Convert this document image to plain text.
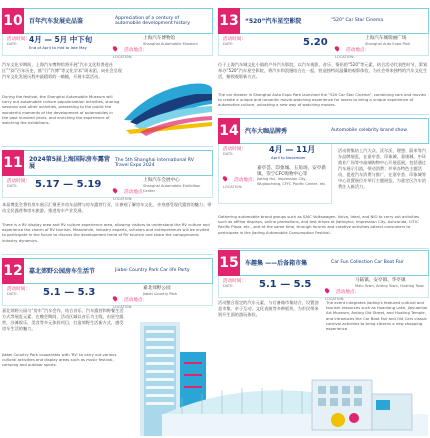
10 百年汽车发展史品鉴	Appreciation of a century of automobile development history
活动时间：
DATE:	4月 — 5月 中下旬
End of April to mid to late May
活动地点：
LOCATION:
上海汽车博物馆
Shanghai Automobile Museum
汽车文化节期间，上海汽车博物馆将开展“汽车文化科普进社区”“阅”百年历史，推“行”汽博”等文化学术“周末团，向社会呈现汽车文化发展历程中最精彩的一帧帧，开展丰富活动。
During the festival, the Shanghai Automobile Museum will carry out automobile culture popularization activities, sharing sessions and other activities, presenting to the public the wonderful moments of the development of automobiles in the past hundred years, and enriching the experience of watching the exhibitions.
11 2024第5届上海国际房车露营展
The 5th Shanghai International RV Travel Expo 2024
活动时间：
DATE:	5.17 — 5.19
活动地点：
LOCATION:
上海汽车会展中心
Shanghai Automobile Exhibition Center
本届博览会将有房车展示汇聚更多房车品牌与房车露营行业，让参观了解房车文化、亲身感受现代露营的魅力；带动全民露营和房车旅游，推进房车产业发展。
There is a RV display area and RV culture experience area, allowing visitors to understand the RV culture and experience the charm of RV tourism. Meanwhile, industry experts, scholars and entrepreneurs will be invited to participate in the forum to discuss the development trend of RV tourism and share the campgrounds industry dynamics.
12 嘉北郊野公园房车生活节	Jiabei Country Park Car life Party
活动时间：
DATE:	5.1 — 5.3
活动地点：
LOCATION:
嘉北郊野公园
Jiabei Country Park
嘉北郊野公园与“房车”汽车会作，结合音乐、汽车露营和野餐生活方式等展览元素，在晚会期间，活动区域以音乐为主线，由星空露营，沙滩娱乐，美食等多元体验项目，打造郊野生活新方式，感受房车生活的魅力。
Jiabei Country Park cooperates with 'RV' to carry out various cultural activities and display areas such as music festival, camping and outdoor sports.
13 “520”汽车星空影院	"520" Car Star Cinema
活动时间：
DATE:	5.20
活动地点：
LOCATION:
上海汽车城瑞丽广场
Shanghai Auto Expo Park
位于上海汽车城文化小镇的户外汽车影院，以汽车观影，音乐、情侣的“520”等元素，结合活动代表性时节，策划举办“520”汽车星空影院，将汽车和浪漫结合在一起，营造独特而温馨的观影体验，为社会带来独特的汽车文化生活，解锁观影新方式。
The car theater in Shanghai Auto Expo Park launched the "520 Car Star Cinema", combining cars and movies to create a unique and romantic movie-watching experience for lovers to bring a unique experience of automotive culture, unlocking a new way of watching movies.
14 汽车大咖品牌秀	Automobile celebrity brand show
活动时间：
DATE:	4月 — 11月
April to November
活动地点：
LOCATION:
嘉亭荟、印象城、五角场、安亭新镇、崇宁CFC购物中心等
Jiating Hui, Impression City, Wujiaochang, CFFC Pacific Center, etc.
活动将集结上汽大众、沃尔沃、理想、蔚来等汽车品牌展览，在嘉亭荟、印象城、嘉康城、中环商业广场等中高端购物中心开展巡展，包括通过汽车展示引流，带动消费；并举办特色主题活动，促进汽车消费与推广，在嘉亭荟、印象城等中心设置展位并举行主题展览，为嘉定区汽车消费注入新活力。
Gathering automobile brand groups such as SAIC Volkswagen, Volvo, Ideal, and NIO to carry out activities such as offline displays, online promotions, and test drives at Jiatinghui, Impression City, Ashcanda, CITIC Pacific Plaza, etc., and at the same time, through forums and creative activities attract consumers to participate in the Jiading Automobile Consumption Festival.
15 车趣集 ——后备箱市集	Car Fun Collection Car Boot Fair
活动时间：
DATE:	5.1 — 5.5
活动地点：
LOCATION:
马陆镇、安亭镇、华亭镇
Malu Town, Anting Town, Huating Town
活动整合嘉定的汽车元素，与后备箱市集结合，设置创意市集、亲子互动、文化表演等多种板块，为市民带来别开生面的游玩体验。
The event integrates Jiading's featured cultural and tourism resources such as Huanlong Lake, Jiayuanhai Art Museum, Anting Old Street, and Huating Temple, and introduces the Car Boot Fair and Old Cars classic carnival activities to bring citizens a new shopping experience.
